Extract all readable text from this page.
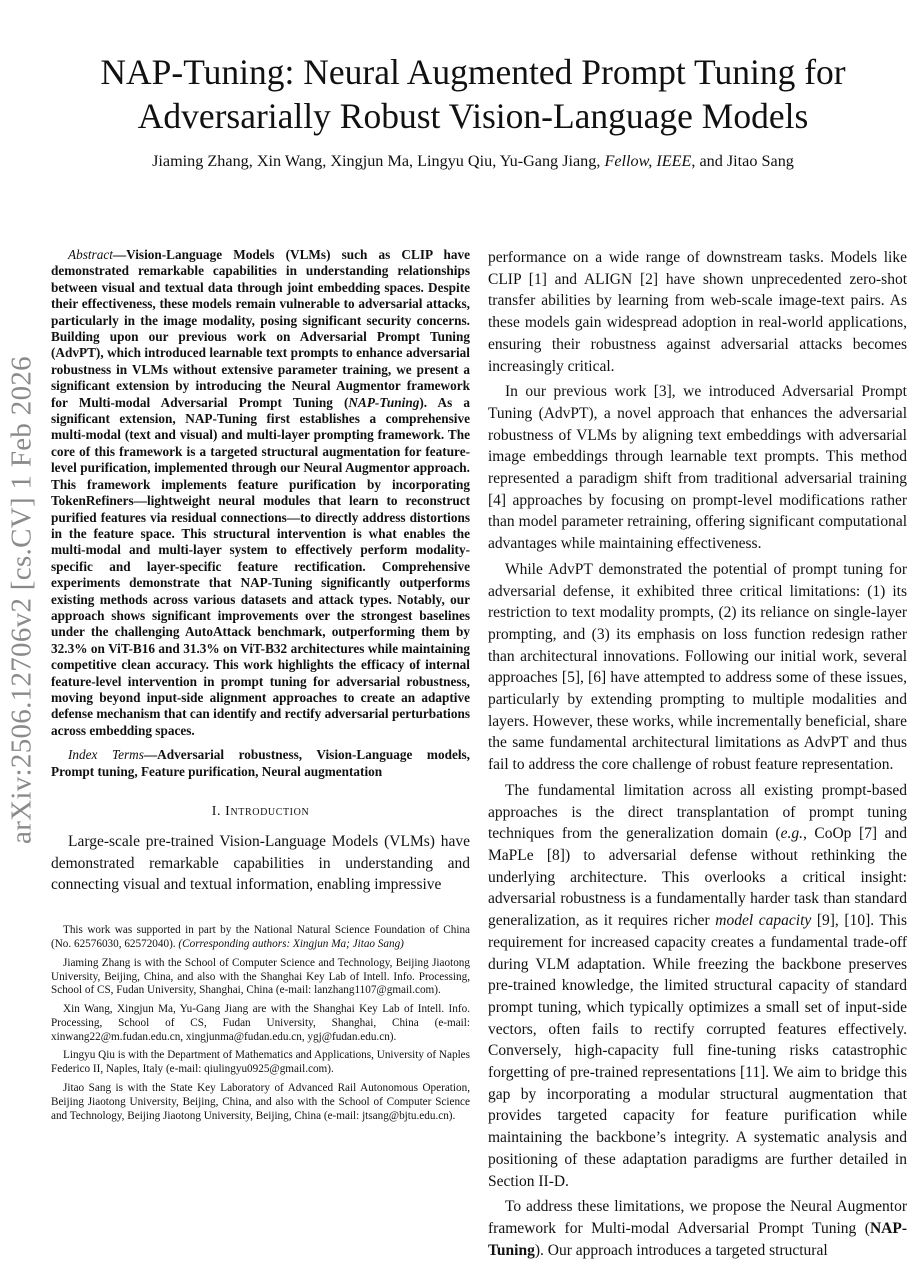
arXiv:2506.12706v2 [cs.CV] 1 Feb 2026
NAP-Tuning: Neural Augmented Prompt Tuning for Adversarially Robust Vision-Language Models
Jiaming Zhang, Xin Wang, Xingjun Ma, Lingyu Qiu, Yu-Gang Jiang, Fellow, IEEE, and Jitao Sang

Abstract—Vision-Language Models (VLMs) such as CLIP have demonstrated remarkable capabilities in understanding relationships between visual and textual data through joint embedding spaces. Despite their effectiveness, these models remain vulnerable to adversarial attacks, particularly in the image modality, posing significant security concerns. Building upon our previous work on Adversarial Prompt Tuning (AdvPT), which introduced learnable text prompts to enhance adversarial robustness in VLMs without extensive parameter training, we present a significant extension by introducing the Neural Augmentor framework for Multi-modal Adversarial Prompt Tuning (NAP-Tuning). As a significant extension, NAP-Tuning first establishes a comprehensive multi-modal (text and visual) and multi-layer prompting framework. The core of this framework is a targeted structural augmentation for feature-level purification, implemented through our Neural Augmentor approach. This framework implements feature purification by incorporating TokenRefiners—lightweight neural modules that learn to reconstruct purified features via residual connections—to directly address distortions in the feature space. This structural intervention is what enables the multi-modal and multi-layer system to effectively perform modality-specific and layer-specific feature rectification. Comprehensive experiments demonstrate that NAP-Tuning significantly outperforms existing methods across various datasets and attack types. Notably, our approach shows significant improvements over the strongest baselines under the challenging AutoAttack benchmark, outperforming them by 32.3% on ViT-B16 and 31.3% on ViT-B32 architectures while maintaining competitive clean accuracy. This work highlights the efficacy of internal feature-level intervention in prompt tuning for adversarial robustness, moving beyond input-side alignment approaches to create an adaptive defense mechanism that can identify and rectify adversarial perturbations across embedding spaces.

Index Terms—Adversarial robustness, Vision-Language models, Prompt tuning, Feature purification, Neural augmentation

I. Introduction

Large-scale pre-trained Vision-Language Models (VLMs) have demonstrated remarkable capabilities in understanding and connecting visual and textual information, enabling impressive

This work was supported in part by the National Natural Science Foundation of China (No. 62576030, 62572040). (Corresponding authors: Xingjun Ma; Jitao Sang)

Jiaming Zhang is with the School of Computer Science and Technology, Beijing Jiaotong University, Beijing, China, and also with the Shanghai Key Lab of Intell. Info. Processing, School of CS, Fudan University, Shanghai, China (e-mail: lanzhang1107@gmail.com).

Xin Wang, Xingjun Ma, Yu-Gang Jiang are with the Shanghai Key Lab of Intell. Info. Processing, School of CS, Fudan University, Shanghai, China (e-mail: xinwang22@m.fudan.edu.cn, xingjunma@fudan.edu.cn, ygj@fudan.edu.cn).

Lingyu Qiu is with the Department of Mathematics and Applications, University of Naples Federico II, Naples, Italy (e-mail: qiulingyu0925@gmail.com).

Jitao Sang is with the State Key Laboratory of Advanced Rail Autonomous Operation, Beijing Jiaotong University, Beijing, China, and also with the School of Computer Science and Technology, Beijing Jiaotong University, Beijing, China (e-mail: jtsang@bjtu.edu.cn).

performance on a wide range of downstream tasks. Models like CLIP [1] and ALIGN [2] have shown unprecedented zero-shot transfer abilities by learning from web-scale image-text pairs. As these models gain widespread adoption in real-world applications, ensuring their robustness against adversarial attacks becomes increasingly critical.

In our previous work [3], we introduced Adversarial Prompt Tuning (AdvPT), a novel approach that enhances the adversarial robustness of VLMs by aligning text embeddings with adversarial image embeddings through learnable text prompts. This method represented a paradigm shift from traditional adversarial training [4] approaches by focusing on prompt-level modifications rather than model parameter retraining, offering significant computational advantages while maintaining effectiveness.

While AdvPT demonstrated the potential of prompt tuning for adversarial defense, it exhibited three critical limitations: (1) its restriction to text modality prompts, (2) its reliance on single-layer prompting, and (3) its emphasis on loss function redesign rather than architectural innovations. Following our initial work, several approaches [5], [6] have attempted to address some of these issues, particularly by extending prompting to multiple modalities and layers. However, these works, while incrementally beneficial, share the same fundamental architectural limitations as AdvPT and thus fail to address the core challenge of robust feature representation.

The fundamental limitation across all existing prompt-based approaches is the direct transplantation of prompt tuning techniques from the generalization domain (e.g., CoOp [7] and MaPLe [8]) to adversarial defense without rethinking the underlying architecture. This overlooks a critical insight: adversarial robustness is a fundamentally harder task than standard generalization, as it requires richer model capacity [9], [10]. This requirement for increased capacity creates a fundamental trade-off during VLM adaptation. While freezing the backbone preserves pre-trained knowledge, the limited structural capacity of standard prompt tuning, which typically optimizes a small set of input-side vectors, often fails to rectify corrupted features effectively. Conversely, high-capacity full fine-tuning risks catastrophic forgetting of pre-trained representations [11]. We aim to bridge this gap by incorporating a modular structural augmentation that provides targeted capacity for feature purification while maintaining the backbone’s integrity. A systematic analysis and positioning of these adaptation paradigms are further detailed in Section II-D.

To address these limitations, we propose the Neural Augmentor framework for Multi-modal Adversarial Prompt Tuning (NAP-Tuning). Our approach introduces a targeted structural
